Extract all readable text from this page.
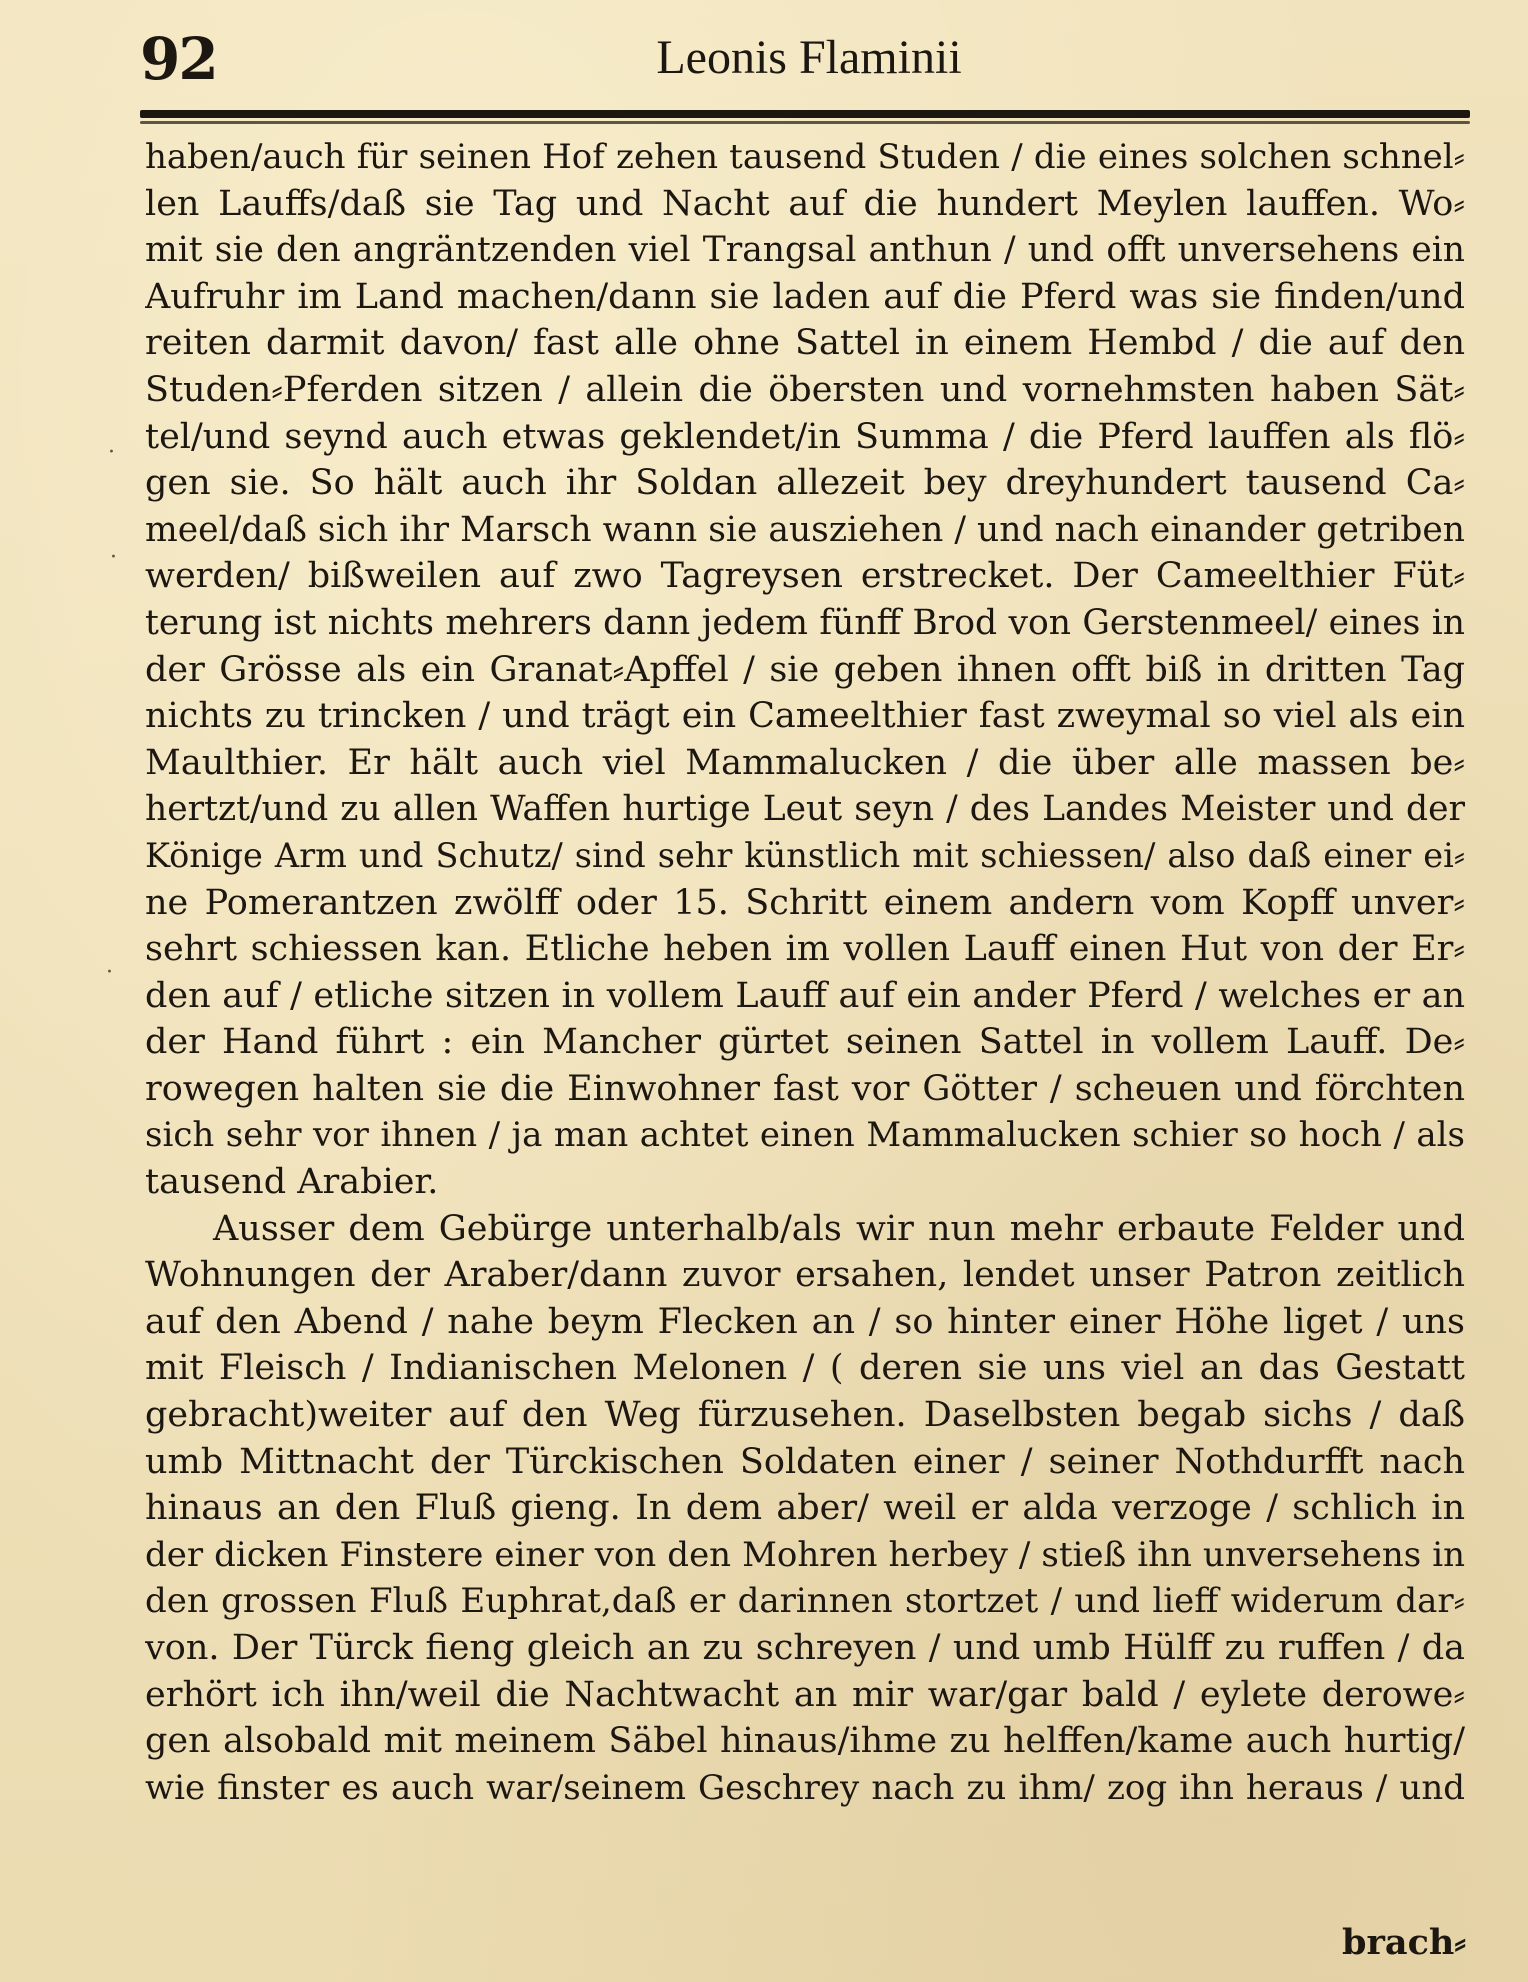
92	Leonis Flaminii
haben/auch für seinen Hof zehen tausend Studen / die eines solchen schnel⸗
len Lauffs/daß sie Tag und Nacht auf die hundert Meylen lauffen. Wo⸗
mit sie den angräntzenden viel Trangsal anthun / und offt unversehens ein
Aufruhr im Land machen/dann sie laden auf die Pferd was sie finden/und
reiten darmit davon/ fast alle ohne Sattel in einem Hembd / die auf den
Studen⸗Pferden sitzen / allein die öbersten und vornehmsten haben Sät⸗
tel/und seynd auch etwas geklendet/in Summa / die Pferd lauffen als flö⸗
gen sie. So hält auch ihr Soldan allezeit bey dreyhundert tausend Ca⸗
meel/daß sich ihr Marsch wann sie ausziehen / und nach einander getriben
werden/ bißweilen auf zwo Tagreysen erstrecket. Der Cameelthier Füt⸗
terung ist nichts mehrers dann jedem fünff Brod von Gerstenmeel/ eines in
der Grösse als ein Granat⸗Apffel / sie geben ihnen offt biß in dritten Tag
nichts zu trincken / und trägt ein Cameelthier fast zweymal so viel als ein
Maulthier. Er hält auch viel Mammalucken / die über alle massen be⸗
hertzt/und zu allen Waffen hurtige Leut seyn / des Landes Meister und der
Könige Arm und Schutz/ sind sehr künstlich mit schiessen/ also daß einer ei⸗
ne Pomerantzen zwölff oder 15. Schritt einem andern vom Kopff unver⸗
sehrt schiessen kan. Etliche heben im vollen Lauff einen Hut von der Er⸗
den auf / etliche sitzen in vollem Lauff auf ein ander Pferd / welches er an
der Hand führt : ein Mancher gürtet seinen Sattel in vollem Lauff. De⸗
rowegen halten sie die Einwohner fast vor Götter / scheuen und förchten
sich sehr vor ihnen / ja man achtet einen Mammalucken schier so hoch / als
tausend Arabier.
Ausser dem Gebürge unterhalb/als wir nun mehr erbaute Felder und
Wohnungen der Araber/dann zuvor ersahen, lendet unser Patron zeitlich
auf den Abend / nahe beym Flecken an / so hinter einer Höhe liget / uns
mit Fleisch / Indianischen Melonen / ( deren sie uns viel an das Gestatt
gebracht)weiter auf den Weg fürzusehen. Daselbsten begab sichs / daß
umb Mittnacht der Türckischen Soldaten einer / seiner Nothdurfft nach
hinaus an den Fluß gieng. In dem aber/ weil er alda verzoge / schlich in
der dicken Finstere einer von den Mohren herbey / stieß ihn unversehens in
den grossen Fluß Euphrat,daß er darinnen stortzet / und lieff widerum dar⸗
von. Der Türck fieng gleich an zu schreyen / und umb Hülff zu ruffen / da
erhört ich ihn/weil die Nachtwacht an mir war/gar bald / eylete derowe⸗
gen alsobald mit meinem Säbel hinaus/ihme zu helffen/kame auch hurtig/
wie finster es auch war/seinem Geschrey nach zu ihm/ zog ihn heraus / und
brach⸗
·
·
·
